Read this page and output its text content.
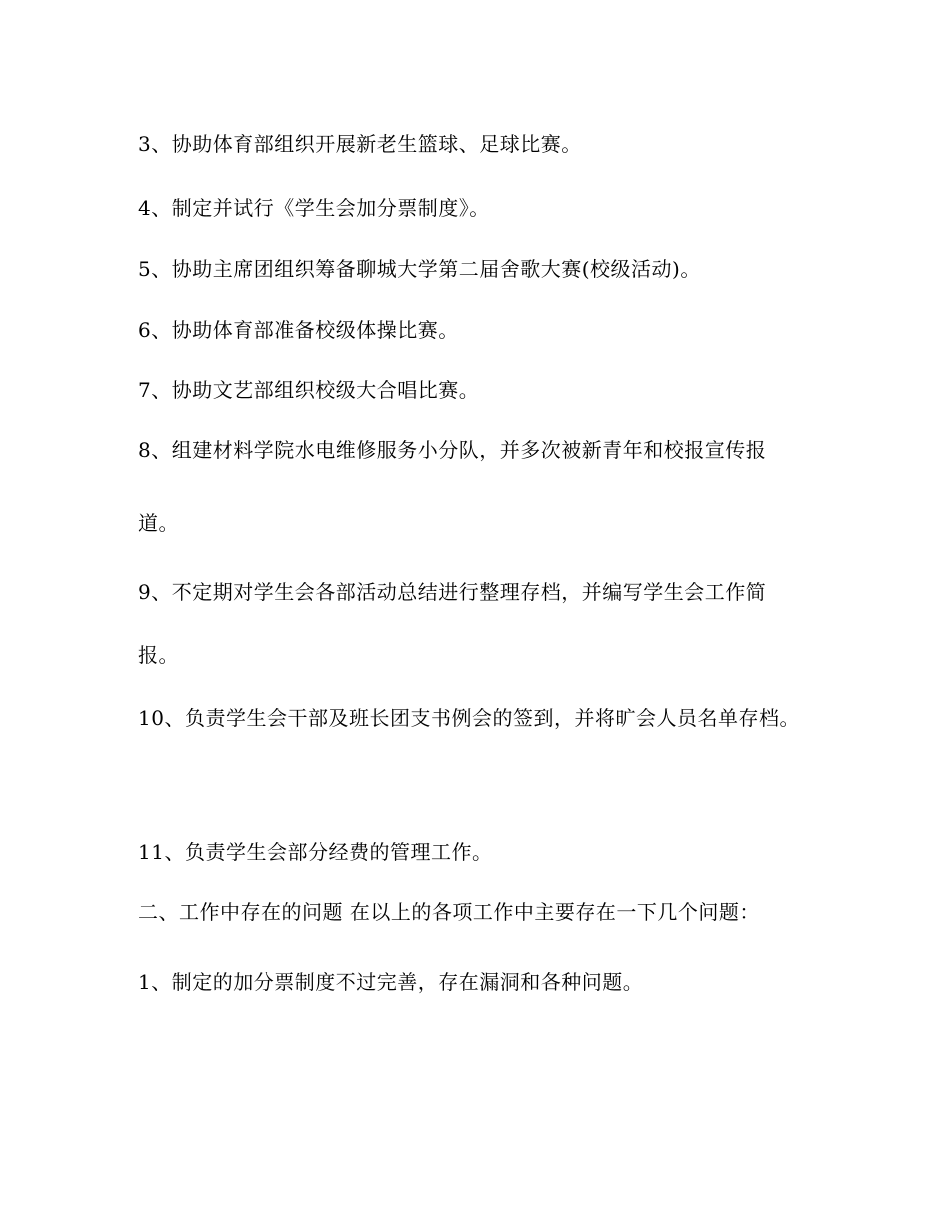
3、协助体育部组织开展新老生篮球、足球比赛。
4、制定并试行《学生会加分票制度》。
5、协助主席团组织筹备聊城大学第二届舍歌大赛(校级活动)。
6、协助体育部准备校级体操比赛。
7、协助文艺部组织校级大合唱比赛。
8、组建材料学院水电维修服务小分队，并多次被新青年和校报宣传报
道。
9、不定期对学生会各部活动总结进行整理存档，并编写学生会工作简
报。
10、负责学生会干部及班长团支书例会的签到，并将旷会人员名单存档。
11、负责学生会部分经费的管理工作。
二、工作中存在的问题 在以上的各项工作中主要存在一下几个问题：
1、制定的加分票制度不过完善，存在漏洞和各种问题。
